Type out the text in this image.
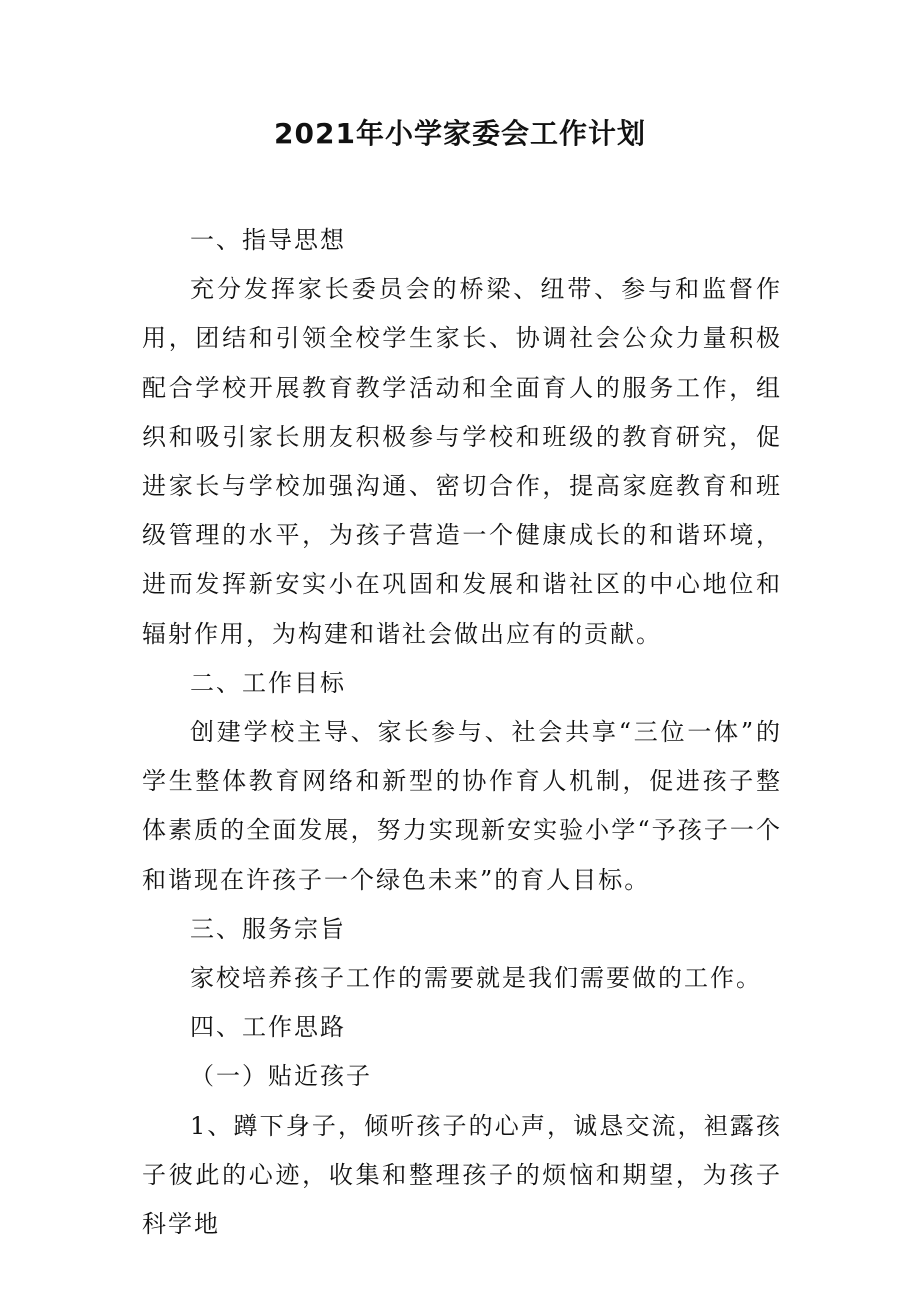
2021年小学家委会工作计划

一、指导思想

充分发挥家长委员会的桥梁、纽带、参与和监督作用，团结和引领全校学生家长、协调社会公众力量积极配合学校开展教育教学活动和全面育人的服务工作，组织和吸引家长朋友积极参与学校和班级的教育研究，促进家长与学校加强沟通、密切合作，提高家庭教育和班级管理的水平，为孩子营造一个健康成长的和谐环境，进而发挥新安实小在巩固和发展和谐社区的中心地位和辐射作用，为构建和谐社会做出应有的贡献。

二、工作目标

创建学校主导、家长参与、社会共享“三位一体”的学生整体教育网络和新型的协作育人机制，促进孩子整体素质的全面发展，努力实现新安实验小学“予孩子一个和谐现在许孩子一个绿色未来”的育人目标。

三、服务宗旨

家校培养孩子工作的需要就是我们需要做的工作。

四、工作思路

（一）贴近孩子

1、蹲下身子，倾听孩子的心声，诚恳交流，袒露孩子彼此的心迹，收集和整理孩子的烦恼和期望，为孩子科学地
